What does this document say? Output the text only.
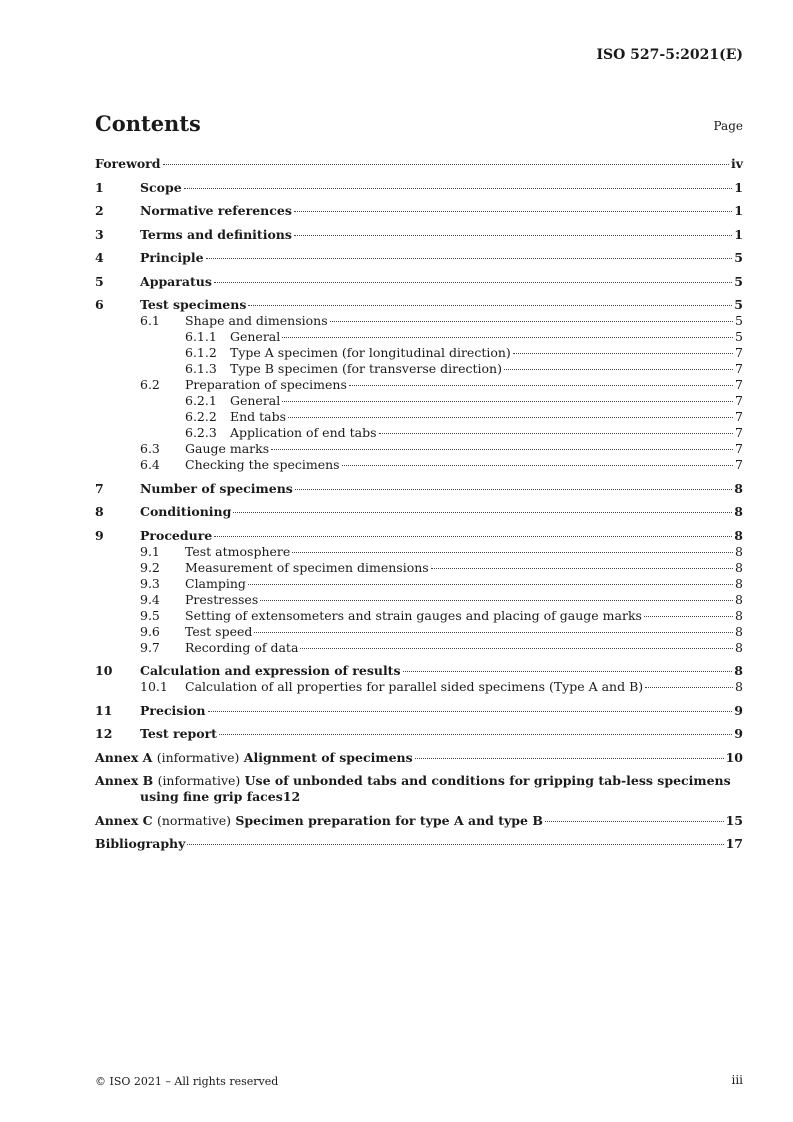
ISO 527-5:2021(E)
Contents	Page
Foreword	iv
1	Scope	1
2	Normative references	1
3	Terms and definitions	1
4	Principle	5
5	Apparatus	5
6	Test specimens	5
6.1	Shape and dimensions	5
6.1.1	General	5
6.1.2	Type A specimen (for longitudinal direction)	7
6.1.3	Type B specimen (for transverse direction)	7
6.2	Preparation of specimens	7
6.2.1	General	7
6.2.2	End tabs	7
6.2.3	Application of end tabs	7
6.3	Gauge marks	7
6.4	Checking the specimens	7
7	Number of specimens	8
8	Conditioning	8
9	Procedure	8
9.1	Test atmosphere	8
9.2	Measurement of specimen dimensions	8
9.3	Clamping	8
9.4	Prestresses	8
9.5	Setting of extensometers and strain gauges and placing of gauge marks	8
9.6	Test speed	8
9.7	Recording of data	8
10	Calculation and expression of results	8
10.1	Calculation of all properties for parallel sided specimens (Type A and B)	8
11	Precision	9
12	Test report	9
Annex A (informative) Alignment of specimens	10
Annex B (informative) Use of unbonded tabs and conditions for gripping tab-less specimens
using fine grip faces 12
Annex C (normative) Specimen preparation for type A and type B	15
Bibliography	17
© ISO 2021 – All rights reserved	iii
